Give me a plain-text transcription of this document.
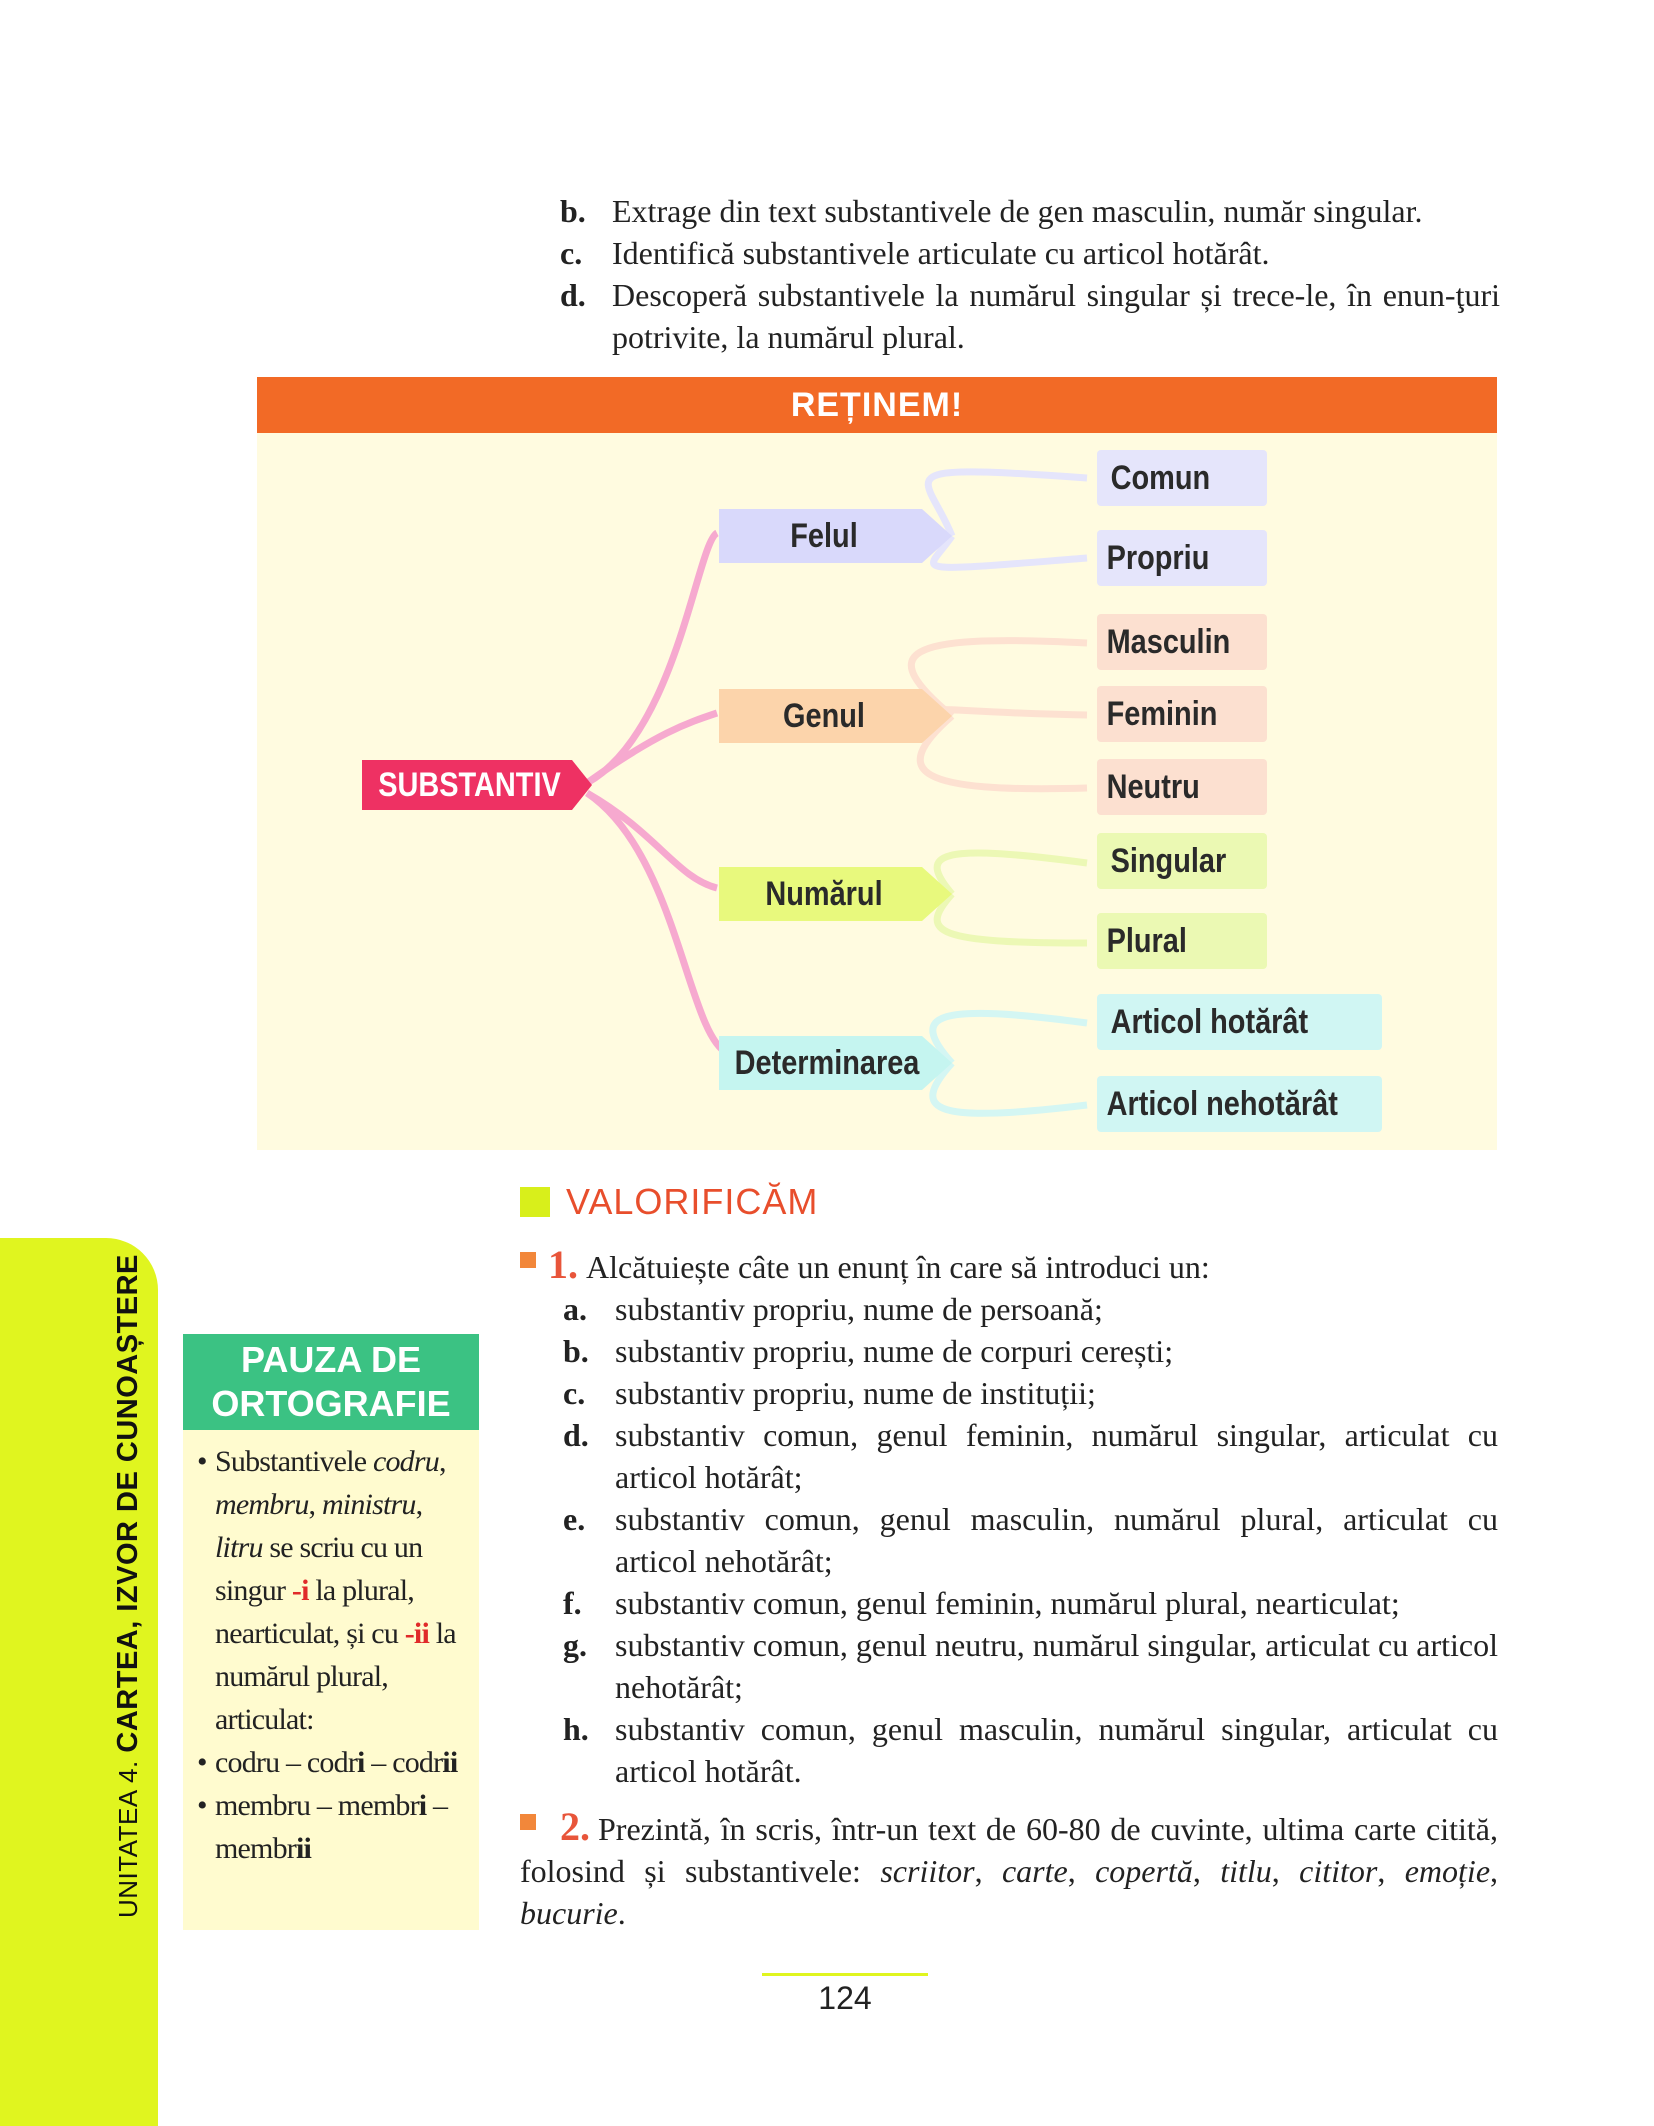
b. Extrage din text substantivele de gen masculin, număr singular.
c. Identifică substantivele articulate cu articol hotărât.
d. Descoperă substantivele la numărul singular și trece-le, în enun-ţuri potrivite, la numărul plural.
REȚINEM!
SUBSTANTIV
Felul
Genul
Numărul
Determinarea
Comun
Propriu
Masculin
Feminin
Neutru
Singular
Plural
Articol hotărât
Articol nehotărât
VALORIFICĂM
1. Alcătuiește câte un enunț în care să introduci un:
a. substantiv propriu, nume de persoană;
b. substantiv propriu, nume de corpuri cerești;
c. substantiv propriu, nume de instituții;
d. substantiv comun, genul feminin, numărul singular, articulat cu articol hotărât;
e. substantiv comun, genul masculin, numărul plural, articulat cu articol nehotărât;
f. substantiv comun, genul feminin, numărul plural, nearticulat;
g. substantiv comun, genul neutru, numărul singular, articulat cu articol nehotărât;
h. substantiv comun, genul masculin, numărul singular, articulat cu articol hotărât.
2. Prezintă, în scris, într-un text de 60-80 de cuvinte, ultima carte citită, folosind și substantivele: scriitor, carte, copertă, titlu, cititor, emoție, bucurie.
UNITATEA 4. CARTEA, IZVOR DE CUNOAȘTERE	PAUZA DE
ORTOGRAFIE
• Substantivele codru, membru, ministru, litru se scriu cu un singur -i la plural, nearticulat, și cu -ii la numărul plural, articulat:
• codru – codri – codrii
• membru – membri – membrii
124
